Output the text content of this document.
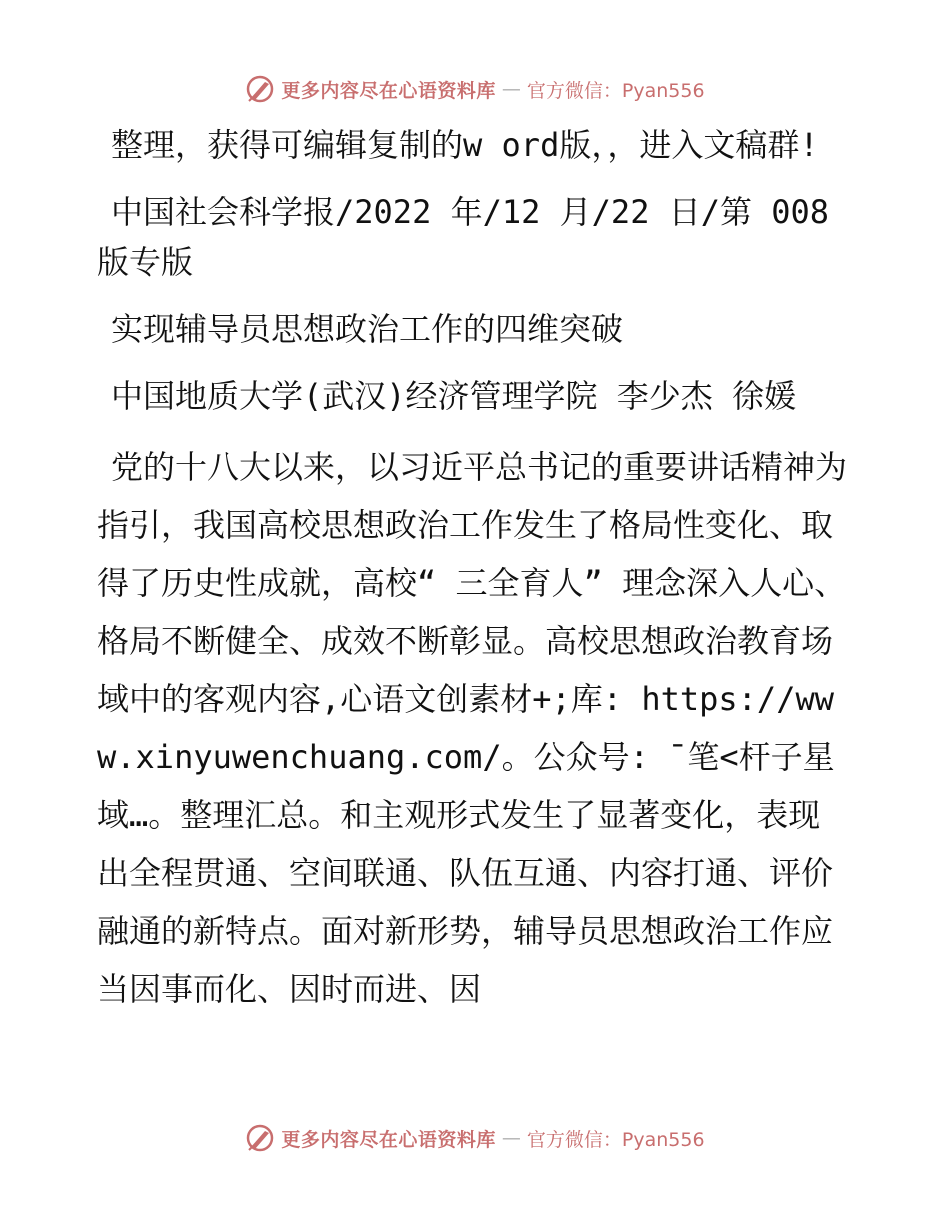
更多内容尽在心语资料库 — 官方微信：Pyan556

整理，获得可编辑复制的w ord版，，进入文稿群!

中国社会科学报/2022 年/12 月/22 日/第 008 版专版

实现辅导员思想政治工作的四维突破

中国地质大学(武汉)经济管理学院 李少杰 徐媛

党的十八大以来，以习近平总书记的重要讲话精神为指引，我国高校思想政治工作发生了格局性变化、取得了历史性成就，高校“ 三全育人” 理念深入人心、格局不断健全、成效不断彰显。高校思想政治教育场域中的客观内容,心语文创素材+;库: https://www.xinyuwenchuang.com/。公众号: ¯笔<杆子星域…。整理汇总。和主观形式发生了显著变化，表现出全程贯通、空间联通、队伍互通、内容打通、评价融通的新特点。面对新形势，辅导员思想政治工作应当因事而化、因时而进、因

更多内容尽在心语资料库 — 官方微信：Pyan556
